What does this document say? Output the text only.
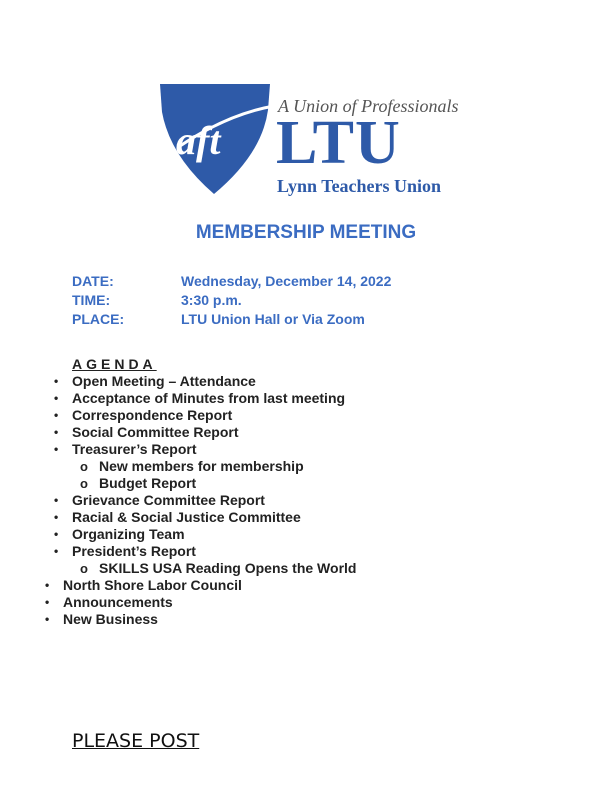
aft
A Union of Professionals
LTU
Lynn Teachers Union
MEMBERSHIP MEETING
DATE:	Wednesday, December 14, 2022
TIME:	3:30 p.m.
PLACE:	LTU Union Hall or Via Zoom
AGENDA
• Open Meeting – Attendance
• Acceptance of Minutes from last meeting
• Correspondence Report
• Social Committee Report
• Treasurer’s Report
o New members for membership
o Budget Report
• Grievance Committee Report
• Racial & Social Justice Committee
• Organizing Team
• President’s Report
o SKILLS USA Reading Opens the World
• North Shore Labor Council
• Announcements
• New Business
PLEASE POST
